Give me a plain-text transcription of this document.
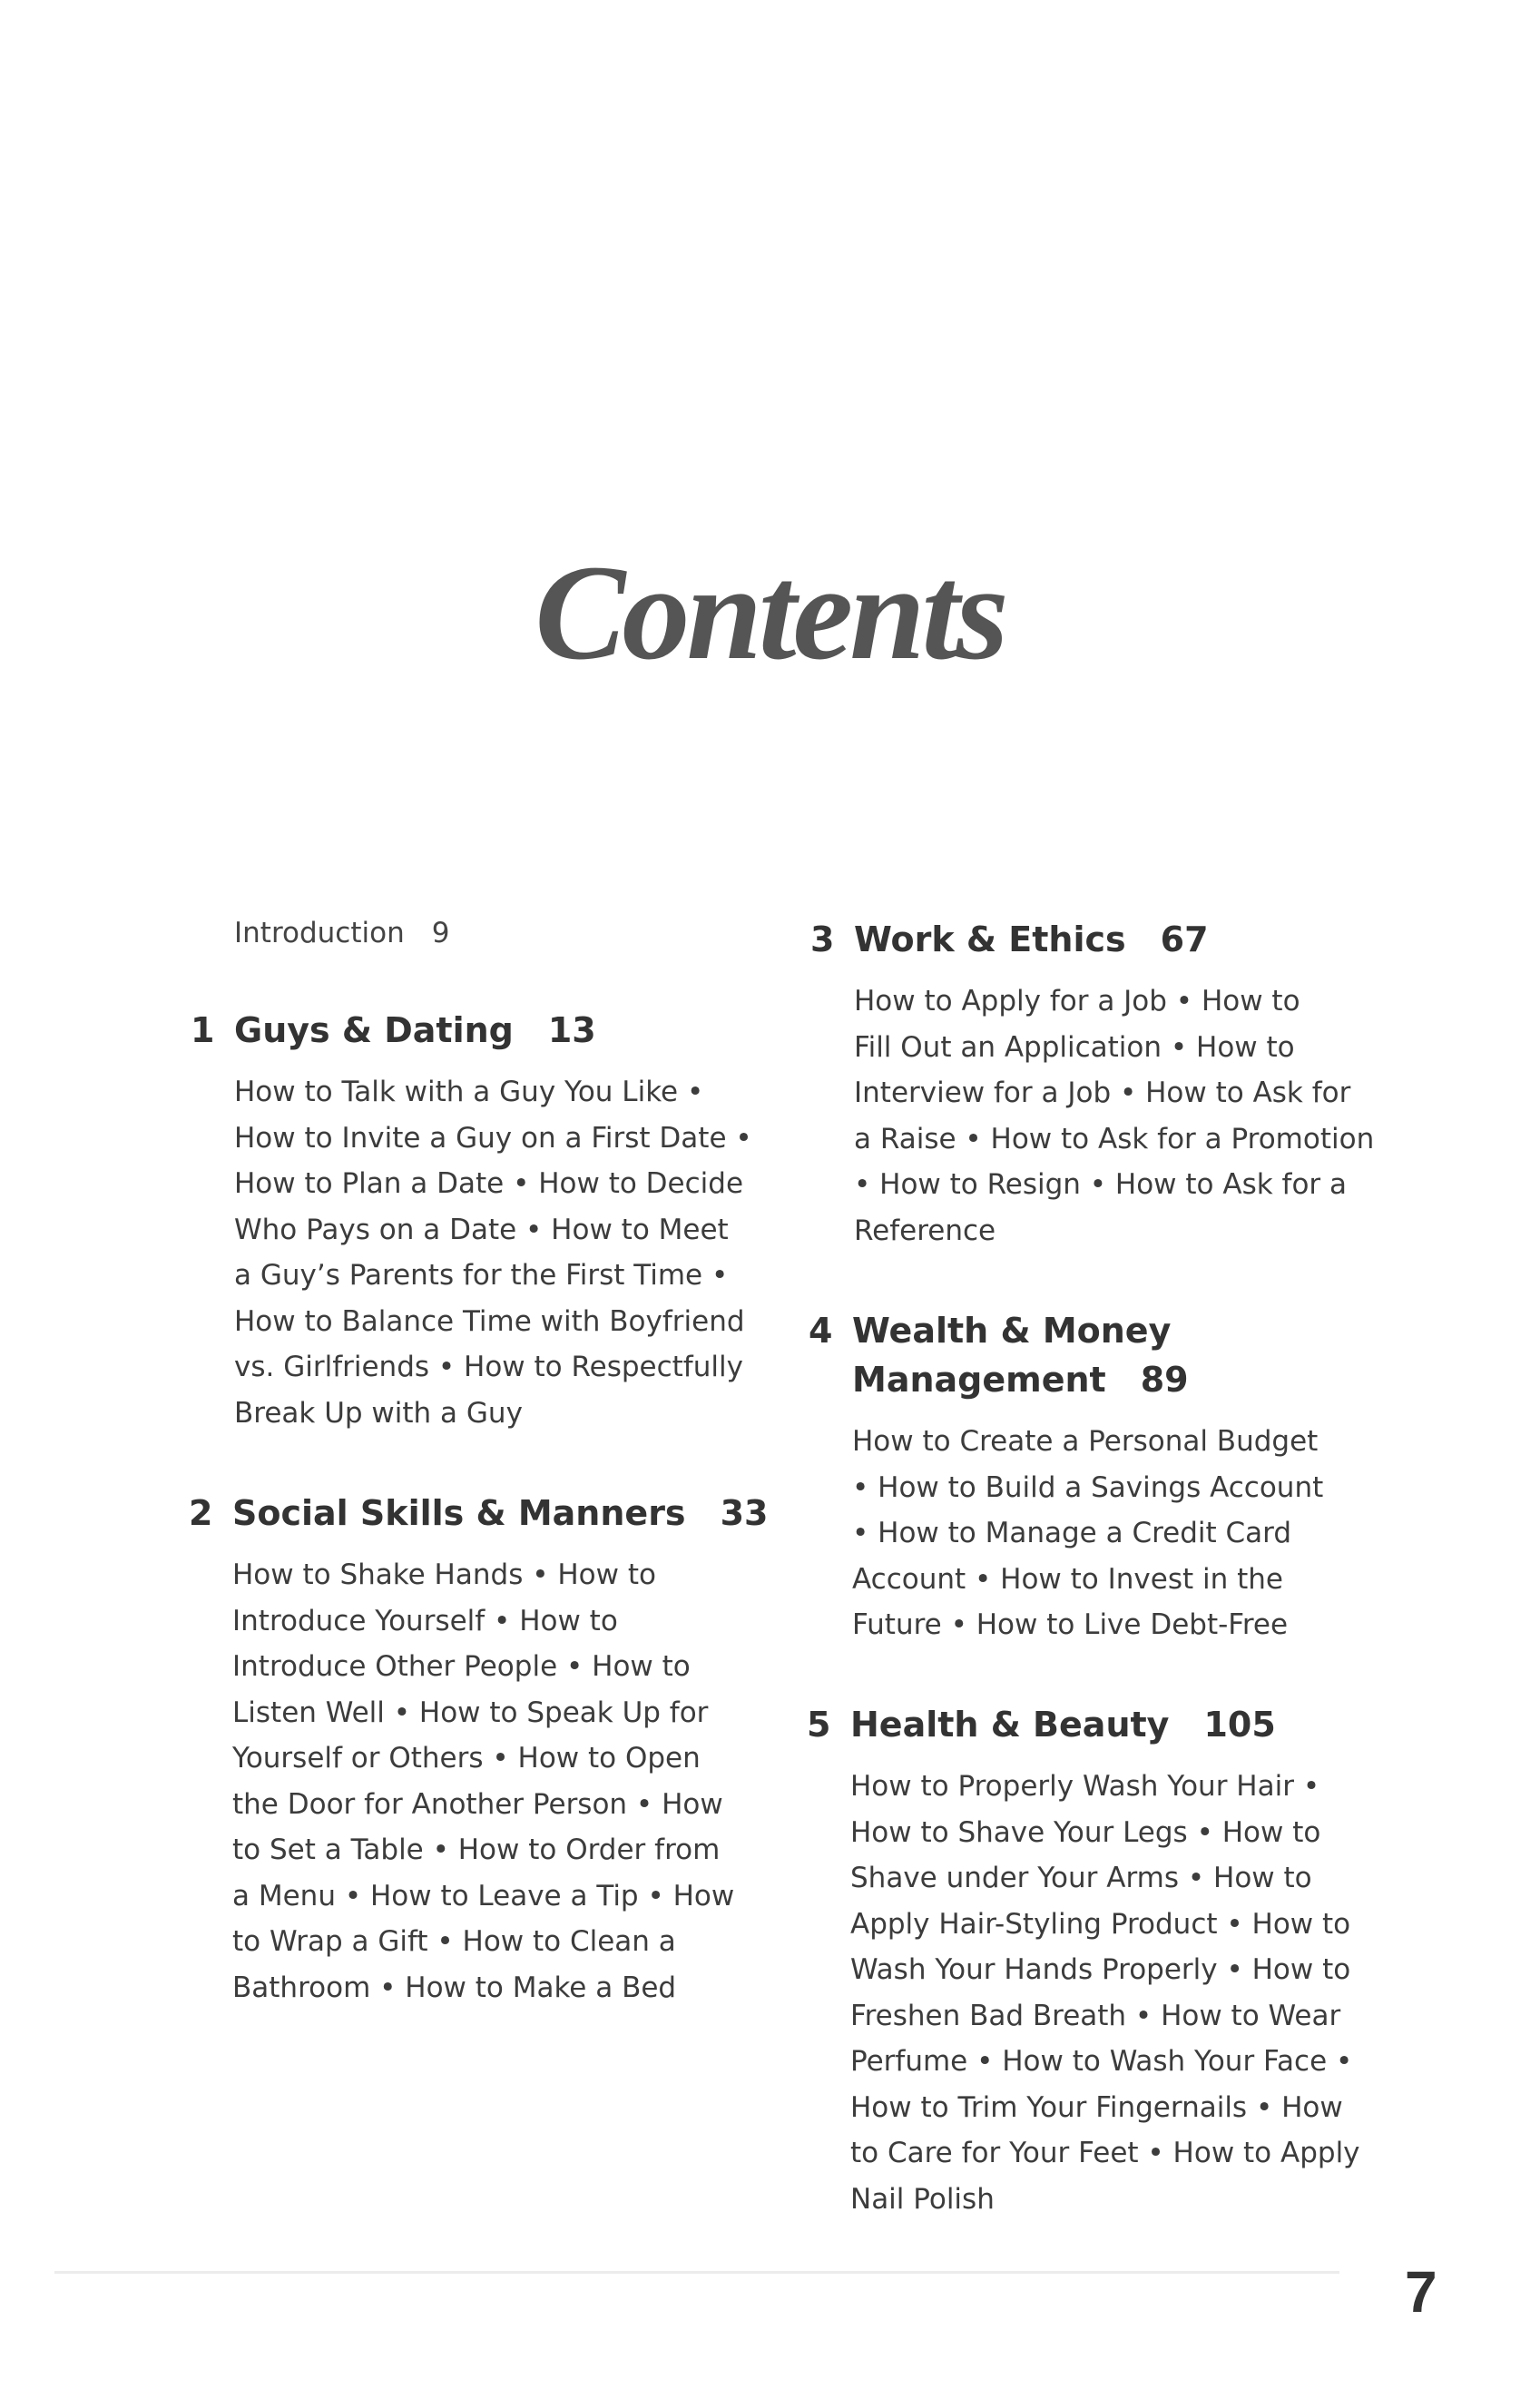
Contents
Introduction 9
1 Guys & Dating 13
How to Talk with a Guy You Like •
How to Invite a Guy on a First Date •
How to Plan a Date • How to Decide
Who Pays on a Date • How to Meet
a Guy’s Parents for the First Time •
How to Balance Time with Boyfriend
vs. Girlfriends • How to Respectfully
Break Up with a Guy
2 Social Skills & Manners 33
How to Shake Hands • How to
Introduce Yourself • How to
Introduce Other People • How to
Listen Well • How to Speak Up for
Yourself or Others • How to Open
the Door for Another Person • How
to Set a Table • How to Order from
a Menu • How to Leave a Tip • How
to Wrap a Gift • How to Clean a
Bathroom • How to Make a Bed
3 Work & Ethics 67
How to Apply for a Job • How to
Fill Out an Application • How to
Interview for a Job • How to Ask for
a Raise • How to Ask for a Promotion
• How to Resign • How to Ask for a
Reference
4 Wealth & Money
Management 89
How to Create a Personal Budget
• How to Build a Savings Account
• How to Manage a Credit Card
Account • How to Invest in the
Future • How to Live Debt-Free
5 Health & Beauty 105
How to Properly Wash Your Hair •
How to Shave Your Legs • How to
Shave under Your Arms • How to
Apply Hair-Styling Product • How to
Wash Your Hands Properly • How to
Freshen Bad Breath • How to Wear
Perfume • How to Wash Your Face •
How to Trim Your Fingernails • How
to Care for Your Feet • How to Apply
Nail Polish
7
